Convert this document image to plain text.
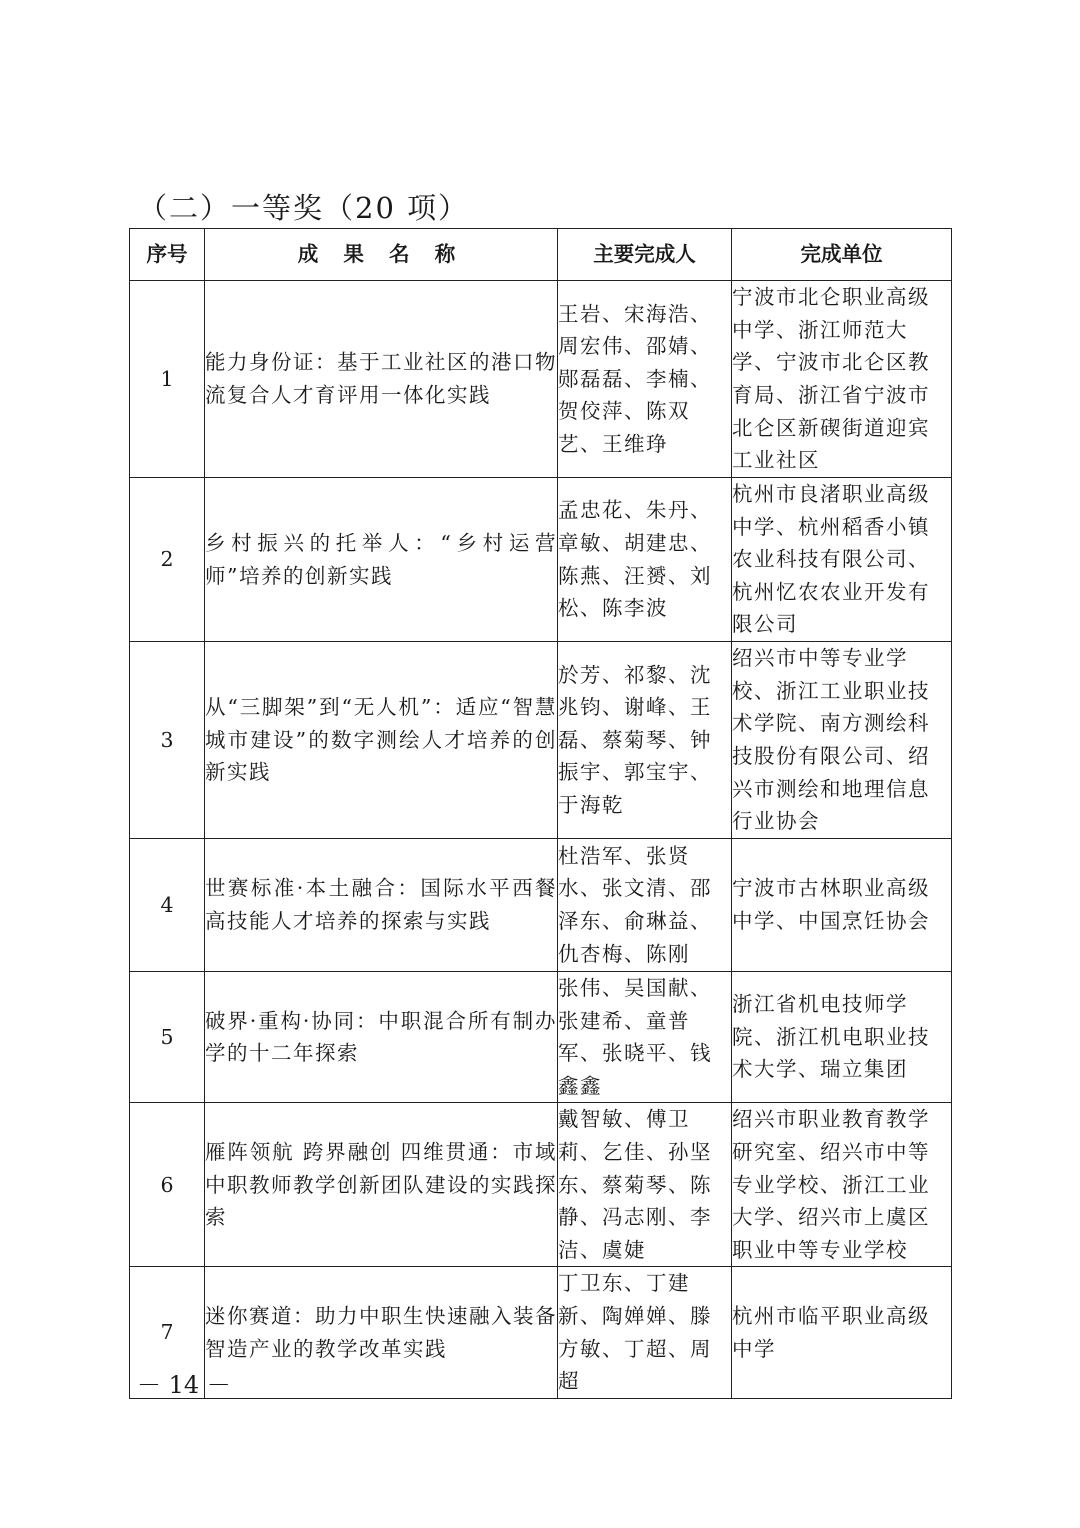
（二）一等奖（20 项）
序号	成 果 名 称	主要完成人	完成单位
1	能力身份证：基于工业社区的港口物流复合人才育评用一体化实践	王岩、宋海浩、周宏伟、邵婧、郧磊磊、李楠、贺佼萍、陈双艺、王维琤	宁波市北仑职业高级中学、浙江师范大学、宁波市北仑区教育局、浙江省宁波市北仑区新碶街道迎宾工业社区
2	乡村振兴的托举人：“乡村运营师”培养的创新实践	孟忠花、朱丹、章敏、胡建忠、陈燕、汪赟、刘松、陈李波	杭州市良渚职业高级中学、杭州稻香小镇农业科技有限公司、杭州忆农农业开发有限公司
3	从“三脚架”到“无人机”：适应“智慧城市建设”的数字测绘人才培养的创新实践	於芳、祁黎、沈兆钧、谢峰、王磊、蔡菊琴、钟振宇、郭宝宇、于海乾	绍兴市中等专业学校、浙江工业职业技术学院、南方测绘科技股份有限公司、绍兴市测绘和地理信息行业协会
4	世赛标准·本土融合：国际水平西餐高技能人才培养的探索与实践	杜浩军、张贤水、张文清、邵泽东、俞琳益、仇杏梅、陈刚	宁波市古林职业高级中学、中国烹饪协会
5	破界·重构·协同：中职混合所有制办学的十二年探索	张伟、吴国献、张建希、童普军、张晓平、钱鑫鑫	浙江省机电技师学院、浙江机电职业技术大学、瑞立集团
6	雁阵领航 跨界融创 四维贯通：市域中职教师教学创新团队建设的实践探索	戴智敏、傅卫莉、乞佳、孙坚东、蔡菊琴、陈静、冯志刚、李洁、虞婕	绍兴市职业教育教学研究室、绍兴市中等专业学校、浙江工业大学、绍兴市上虞区职业中等专业学校
7	迷你赛道：助力中职生快速融入装备智造产业的教学改革实践	丁卫东、丁建新、陶婵婵、滕方敏、丁超、周超	杭州市临平职业高级中学
－ 14 －
